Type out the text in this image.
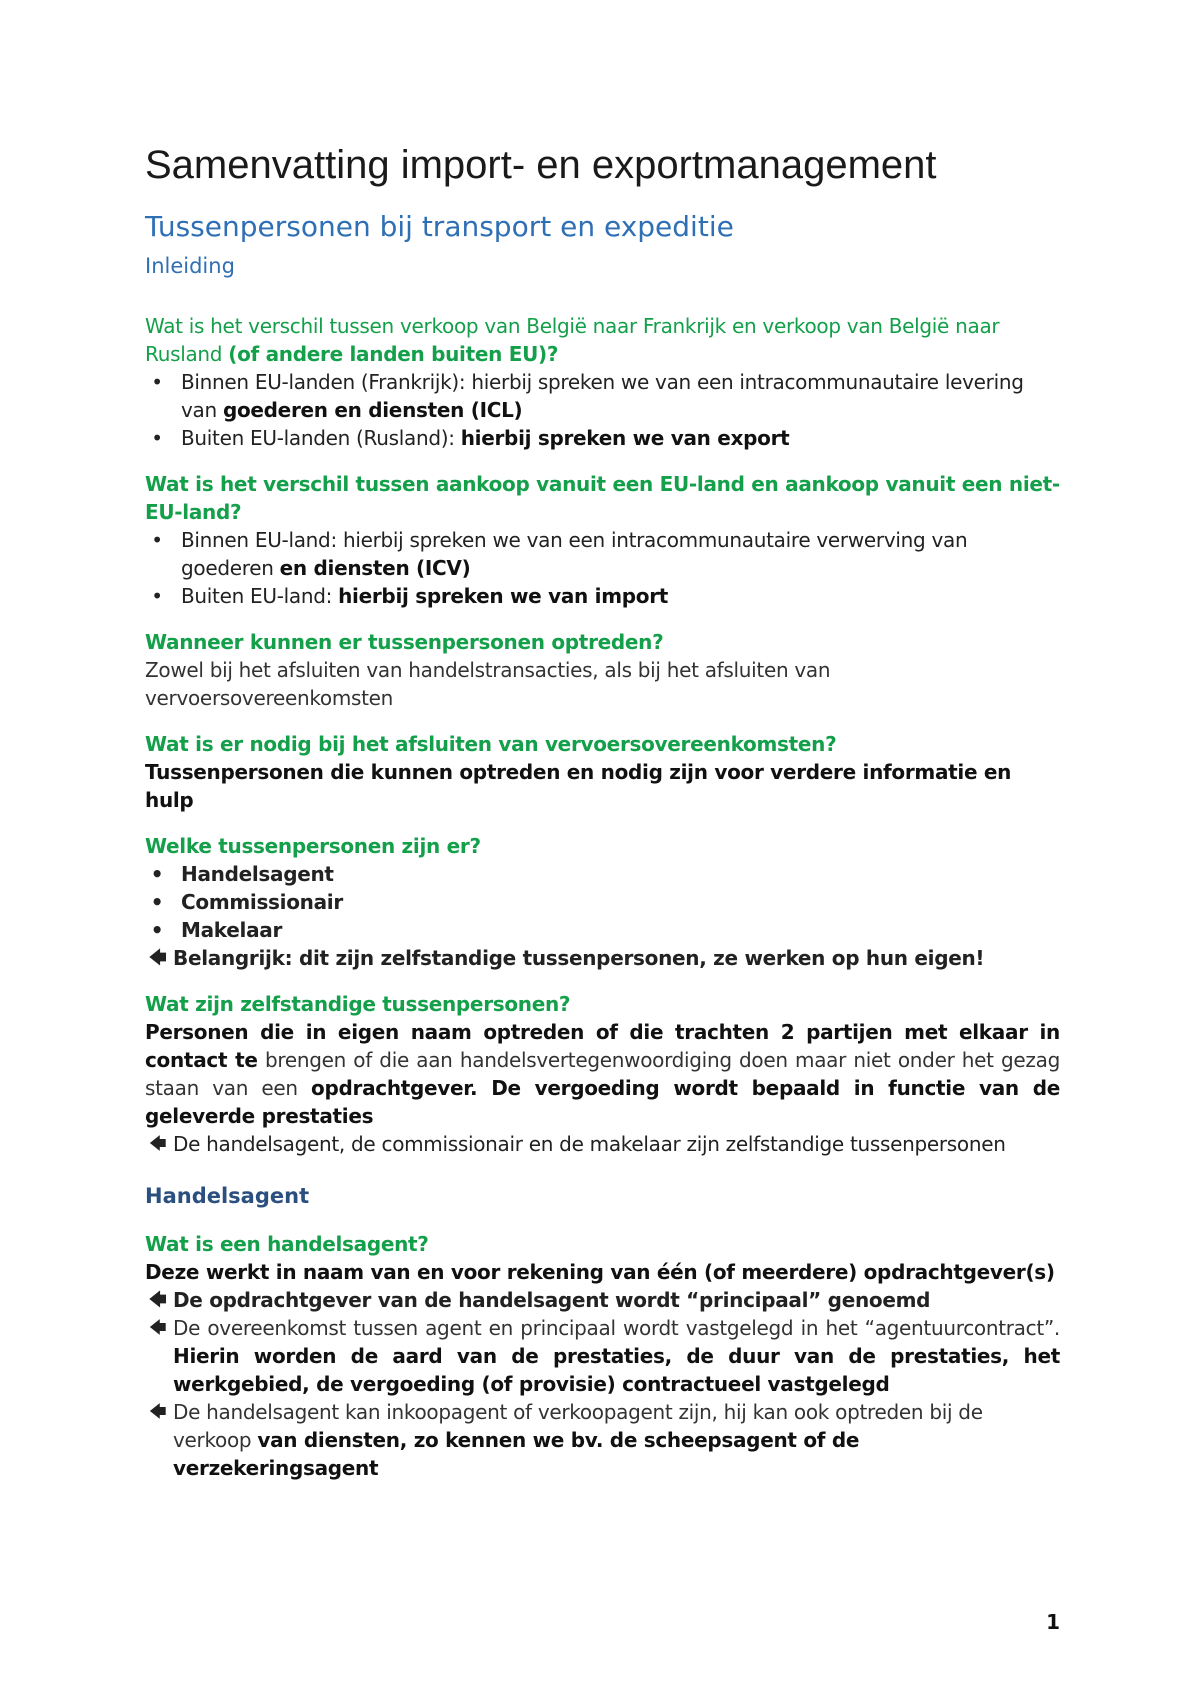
Samenvatting import- en exportmanagement
Tussenpersonen bij transport en expeditie
Inleiding

Wat is het verschil tussen verkoop van België naar Frankrijk en verkoop van België naar Rusland (of andere landen buiten EU)?

• Binnen EU-landen (Frankrijk): hierbij spreken we van een intracommunautaire levering van goederen en diensten (ICL)
• Buiten EU-landen (Rusland): hierbij spreken we van export

Wat is het verschil tussen aankoop vanuit een EU-land en aankoop vanuit een niet-EU-land?

• Binnen EU-land: hierbij spreken we van een intracommunautaire verwerving van goederen en diensten (ICV)
• Buiten EU-land: hierbij spreken we van import

Wanneer kunnen er tussenpersonen optreden?

Zowel bij het afsluiten van handelstransacties, als bij het afsluiten van vervoersovereenkomsten

Wat is er nodig bij het afsluiten van vervoersovereenkomsten?

Tussenpersonen die kunnen optreden en nodig zijn voor verdere informatie en hulp

Welke tussenpersonen zijn er?

• Handelsagent
• Commissionair
• Makelaar
🡄 Belangrijk: dit zijn zelfstandige tussenpersonen, ze werken op hun eigen!

Wat zijn zelfstandige tussenpersonen?

Personen die in eigen naam optreden of die trachten 2 partijen met elkaar in contact te brengen of die aan handelsvertegenwoordiging doen maar niet onder het gezag staan van een opdrachtgever. De vergoeding wordt bepaald in functie van de geleverde prestaties

🡄 De handelsagent, de commissionair en de makelaar zijn zelfstandige tussenpersonen
Handelsagent

Wat is een handelsagent?

Deze werkt in naam van en voor rekening van één (of meerdere) opdrachtgever(s)

🡄 De opdrachtgever van de handelsagent wordt “principaal” genoemd
🡄 De overeenkomst tussen agent en principaal wordt vastgelegd in het “agentuurcontract”. Hierin worden de aard van de prestaties, de duur van de prestaties, het werkgebied, de vergoeding (of provisie) contractueel vastgelegd
🡄 De handelsagent kan inkoopagent of verkoopagent zijn, hij kan ook optreden bij de verkoop van diensten, zo kennen we bv. de scheepsagent of de verzekeringsagent
1
